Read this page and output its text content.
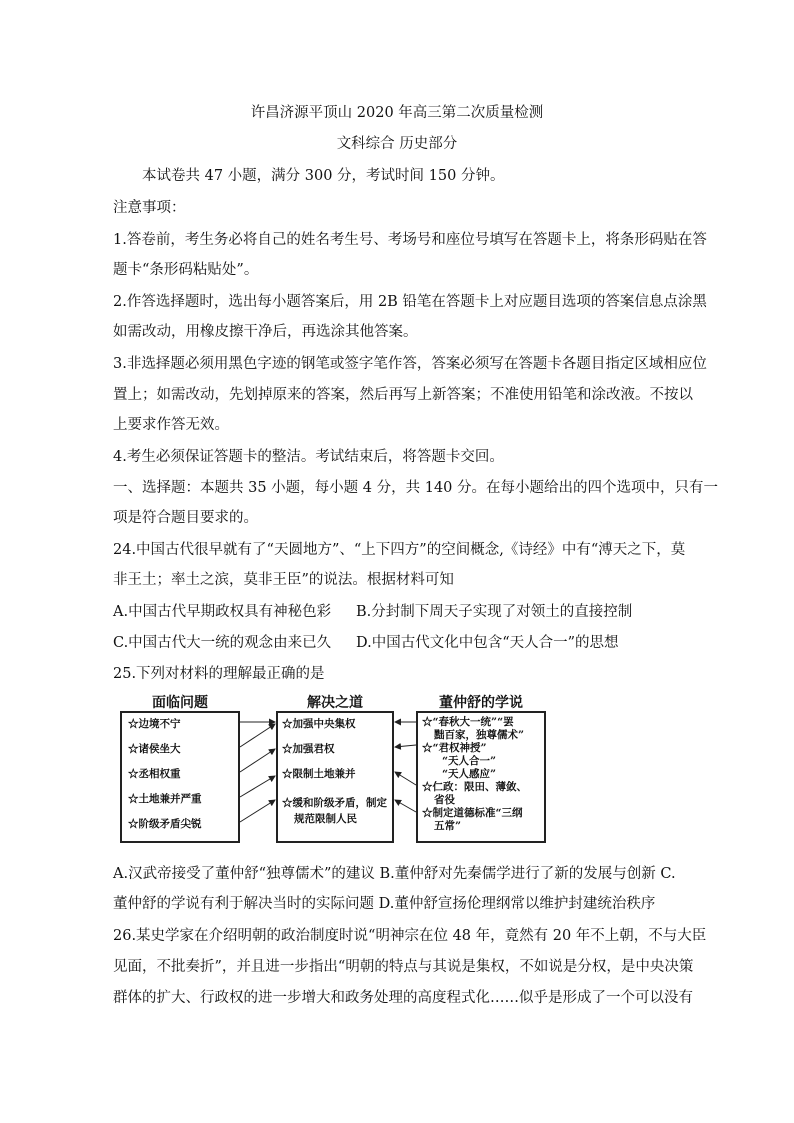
许昌济源平顶山 2020 年高三第二次质量检测
文科综合 历史部分
本试卷共 47 小题，满分 300 分，考试时间 150 分钟。
注意事项：
1.答卷前，考生务必将自己的姓名考生号、考场号和座位号填写在答题卡上，将条形码贴在答
题卡“条形码粘贴处”。
2.作答选择题时，选出每小题答案后，用 2B 铅笔在答题卡上对应题目选项的答案信息点涂黑
如需改动，用橡皮擦干净后，再选涂其他答案。
3.非选择题必须用黑色字迹的钢笔或签字笔作答，答案必须写在答题卡各题目指定区域相应位
置上；如需改动，先划掉原来的答案，然后再写上新答案；不准使用铅笔和涂改液。不按以
上要求作答无效。
4.考生必须保证答题卡的整洁。考试结束后，将答题卡交回。
一、选择题：本题共 35 小题，每小题 4 分，共 140 分。在每小题给出的四个选项中，只有一
项是符合题目要求的。
24.中国古代很早就有了“天圆地方”、“上下四方”的空间概念,《诗经》中有“溥天之下，莫
非王土；率土之滨，莫非王臣”的说法。根据材料可知
A.中国古代早期政权具有神秘色彩 B.分封制下周天子实现了对领土的直接控制
C.中国古代大一统的观念由来已久 D.中国古代文化中包含“天人合一”的思想
25.下列对材料的理解最正确的是
面临问题	解决之道	董仲舒的学说
☆边境不宁
☆诸侯坐大
☆丞相权重
☆土地兼并严重
☆阶级矛盾尖锐
☆加强中央集权
☆加强君权
☆限制土地兼并
☆缓和阶级矛盾，制定
规范限制人民
☆“春秋大一统”“罢
黜百家，独尊儒术”
☆“君权神授”
“天人合一”
“天人感应”
☆仁政：限田、薄敛、
省役
☆制定道德标准“三纲
五常”
A.汉武帝接受了董仲舒“独尊儒术”的建议 B.董仲舒对先秦儒学进行了新的发展与创新 C.
董仲舒的学说有利于解决当时的实际问题 D.董仲舒宣扬伦理纲常以维护封建统治秩序
26.某史学家在介绍明朝的政治制度时说“明神宗在位 48 年，竟然有 20 年不上朝，不与大臣
见面，不批奏折”，并且进一步指出“明朝的特点与其说是集权，不如说是分权，是中央决策
群体的扩大、行政权的进一步增大和政务处理的高度程式化……似乎是形成了一个可以没有
